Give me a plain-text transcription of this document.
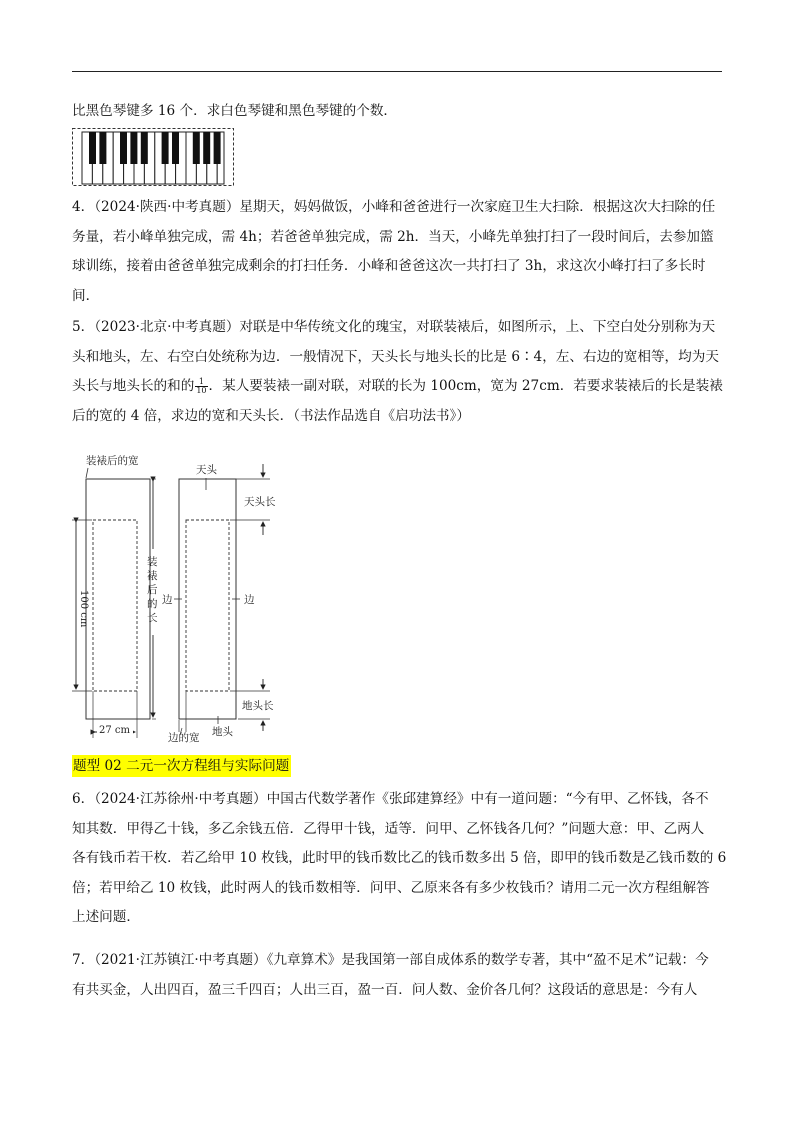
比黑色琴键多 16 个．求白色琴键和黑色琴键的个数．

4．（2024·陕西·中考真题）星期天，妈妈做饭，小峰和爸爸进行一次家庭卫生大扫除．根据这次大扫除的任
务量，若小峰单独完成，需 4h；若爸爸单独完成，需 2h．当天，小峰先单独打扫了一段时间后，去参加篮
球训练，接着由爸爸单独完成剩余的打扫任务．小峰和爸爸这次一共打扫了 3h，求这次小峰打扫了多长时
间．

5．（2023·北京·中考真题）对联是中华传统文化的瑰宝，对联装裱后，如图所示，上、下空白处分别称为天
头和地头，左、右空白处统称为边．一般情况下，天头长与地头长的比是 6∶4，左、右边的宽相等，均为天
头长与地头长的和的 $\frac{1}{10}$ ．某人要装裱一副对联，对联的长为 100cm，宽为 27cm．若要求装裱后的长是装裱
后的宽的 4 倍，求边的宽和天头长．（书法作品选自《启功法书》）

装裱后的宽
100 cm
27 cm
装
裱
后
的
长
天头
天头长
边	边
地头长
边的宽 地头
题型 02 二元一次方程组与实际问题

6．（2024·江苏徐州·中考真题）中国古代数学著作《张邱建算经》中有一道问题：“今有甲、乙怀钱，各不
知其数．甲得乙十钱，多乙余钱五倍．乙得甲十钱，适等．问甲、乙怀钱各几何？”问题大意：甲、乙两人
各有钱币若干枚．若乙给甲 10 枚钱，此时甲的钱币数比乙的钱币数多出 5 倍，即甲的钱币数是乙钱币数的 6
倍；若甲给乙 10 枚钱，此时两人的钱币数相等．问甲、乙原来各有多少枚钱币？请用二元一次方程组解答
上述问题．

7．（2021·江苏镇江·中考真题）《九章算术》是我国第一部自成体系的数学专著，其中“盈不足术”记载：今
有共买金，人出四百，盈三千四百；人出三百，盈一百．问人数、金价各几何？这段话的意思是：今有人
